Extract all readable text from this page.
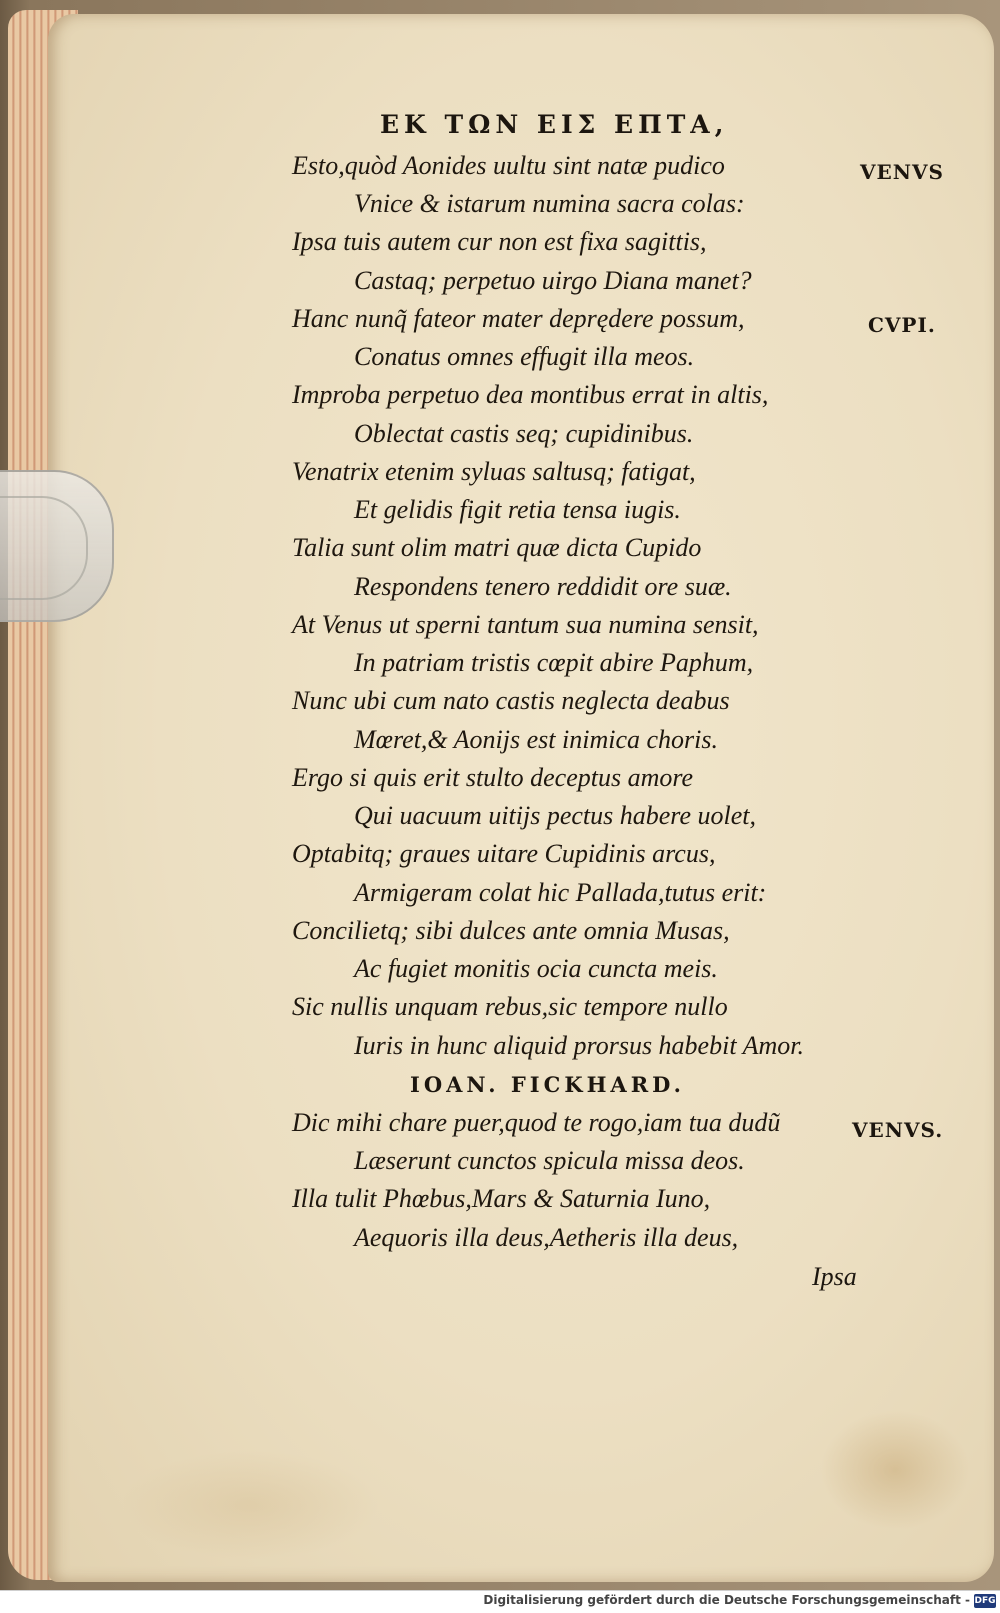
ΕΚ ΤΩΝ ΕΙΣ ΕΠΤΑ,
Esto,quòd Aonides uultu sint natæ pudico
Vnice & istarum numina sacra colas:
Ipsa tuis autem cur non est fixa sagittis,
Castaq; perpetuo uirgo Diana manet?
Hanc nunq̃ fateor mater deprędere possum,
Conatus omnes effugit illa meos.
Improba perpetuo dea montibus errat in altis,
Oblectat castis seq; cupidinibus.
Venatrix etenim syluas saltusq; fatigat,
Et gelidis figit retia tensa iugis.
Talia sunt olim matri quæ dicta Cupido
Respondens tenero reddidit ore suæ.
At Venus ut sperni tantum sua numina sensit,
In patriam tristis cœpit abire Paphum,
Nunc ubi cum nato castis neglecta deabus
Mœret,& Aonijs est inimica choris.
Ergo si quis erit stulto deceptus amore
Qui uacuum uitijs pectus habere uolet,
Optabitq; graues uitare Cupidinis arcus,
Armigeram colat hic Pallada,tutus erit:
Concilietq; sibi dulces ante omnia Musas,
Ac fugiet monitis ocia cuncta meis.
Sic nullis unquam rebus,sic tempore nullo
Iuris in hunc aliquid prorsus habebit Amor.
VENVS
CVPI.
IOAN. FICKHARD.
Dic mihi chare puer,quod te rogo,iam tua dudũ
Læserunt cunctos spicula missa deos.
Illa tulit Phœbus,Mars & Saturnia Iuno,
Aequoris illa deus,Aetheris illa deus,
VENVS.
Ipsa
Digitalisierung gefördert durch die Deutsche Forschungsgemeinschaft - DFG
